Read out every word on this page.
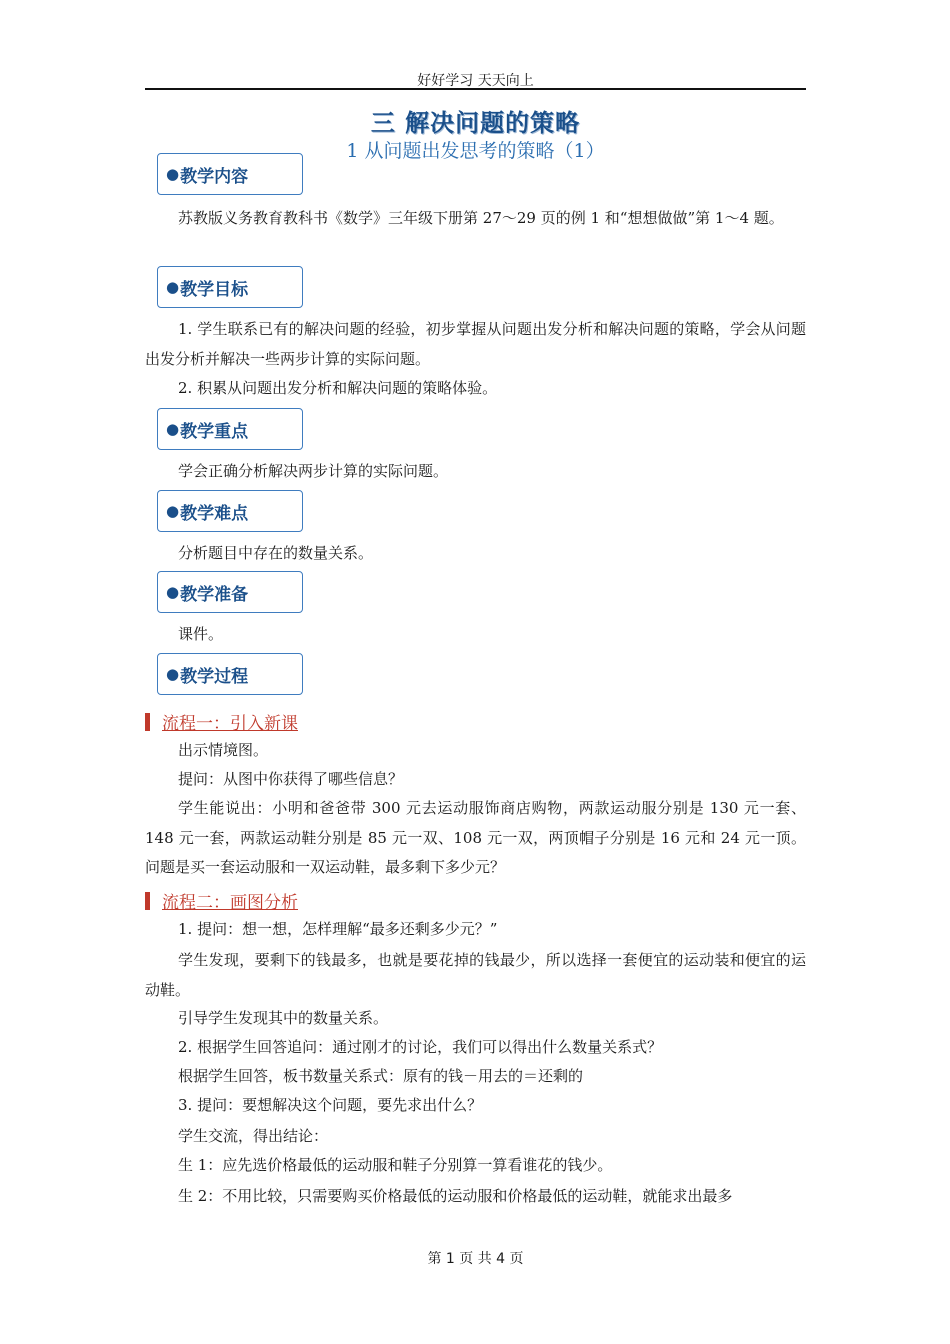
好好学习 天天向上
三 解决问题的策略
1 从问题出发思考的策略（1）
● 教学内容
苏教版义务教育教科书《数学》三年级下册第 27～29 页的例 1 和“想想做做”第 1～4 题。
● 教学目标
1. 学生联系已有的解决问题的经验，初步掌握从问题出发分析和解决问题的策略，学会从问题出发分析并解决一些两步计算的实际问题。
2. 积累从问题出发分析和解决问题的策略体验。
● 教学重点
学会正确分析解决两步计算的实际问题。
● 教学难点
分析题目中存在的数量关系。
● 教学准备
课件。
● 教学过程
流程一：引入新课
出示情境图。
提问：从图中你获得了哪些信息？
学生能说出：小明和爸爸带 300 元去运动服饰商店购物，两款运动服分别是 130 元一套、148 元一套，两款运动鞋分别是 85 元一双、108 元一双，两顶帽子分别是 16 元和 24 元一顶。问题是买一套运动服和一双运动鞋，最多剩下多少元？
流程二：画图分析
1. 提问：想一想，怎样理解“最多还剩多少元？”
学生发现，要剩下的钱最多，也就是要花掉的钱最少，所以选择一套便宜的运动装和便宜的运动鞋。
引导学生发现其中的数量关系。
2. 根据学生回答追问：通过刚才的讨论，我们可以得出什么数量关系式？
根据学生回答，板书数量关系式：原有的钱－用去的＝还剩的
3. 提问：要想解决这个问题，要先求出什么？
学生交流，得出结论：
生 1：应先选价格最低的运动服和鞋子分别算一算看谁花的钱少。
生 2：不用比较，只需要购买价格最低的运动服和价格最低的运动鞋，就能求出最多
第 1 页 共 4 页
